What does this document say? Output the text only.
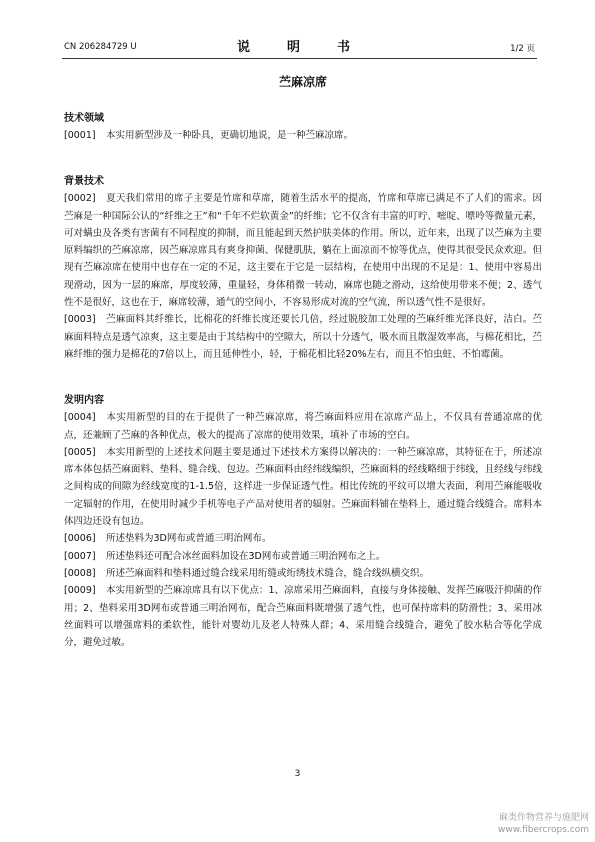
CN 206284729 U	说　明　书	1/2 页
苎麻凉席
技术领域

[0001] 本实用新型涉及一种卧具，更确切地说，是一种苎麻凉席。

背景技术

[0002] 夏天我们常用的席子主要是竹席和草席，随着生活水平的提高，竹席和草席已满足不了人们的需求。因苎麻是一种国际公认的“纤维之王”和“千年不烂软黄金”的纤维；它不仅含有丰富的叮咛、嘧啶、嘌呤等微量元素，可对螨虫及各类有害菌有不同程度的抑制，而且能起到天然护肤美体的作用。所以，近年来，出现了以苎麻为主要原料编织的苎麻凉席，因苎麻凉席具有爽身抑菌、保健肌肤，躺在上面凉而不惊等优点，使得其很受民众欢迎。但现有苎麻凉席在使用中也存在一定的不足，这主要在于它是一层结构，在使用中出现的不足是：1、使用中容易出现滑动，因为一层的麻席，厚度较薄，重量轻，身体稍微一转动，麻席也随之滑动，这给使用带来不便；2、透气性不是很好，这也在于，麻席较薄，通气的空间小，不容易形成对流的空气流，所以透气性不是很好。

[0003] 苎麻面料其纤维长，比棉花的纤维长度还要长几倍，经过脱胶加工处理的苎麻纤维光泽良好，洁白。苎麻面料特点是透气凉爽，这主要是由于其结构中的空隙大，所以十分透气，吸水而且散湿效率高，与棉花相比，苎麻纤维的强力是棉花的7倍以上，而且延伸性小，轻，于棉花相比轻20%左右，而且不怕虫蛀、不怕霉菌。

发明内容

[0004] 本实用新型的目的在于提供了一种苎麻凉席，将苎麻面料应用在凉席产品上，不仅具有普通凉席的优点，还兼顾了苎麻的各种优点，极大的提高了凉席的使用效果，填补了市场的空白。

[0005] 本实用新型的上述技术问题主要是通过下述技术方案得以解决的：一种苎麻凉席，其特征在于，所述凉席本体包括苎麻面料、垫料、缝合线、包边。苎麻面料由经纬线编织，苎麻面料的经线略细于纬线，且经线与纬线之间构成的间隙为经线宽度的1-1.5倍，这样进一步保证透气性。相比传统的平纹可以增大表面，利用苎麻能吸收一定辐射的作用，在使用时减少手机等电子产品对使用者的辐射。苎麻面料铺在垫料上，通过缝合线缝合。席料本体四边还设有包边。

[0006] 所述垫料为3D网布或普通三明治网布。

[0007] 所述垫料还可配合冰丝面料加设在3D网布或普通三明治网布之上。

[0008] 所述苎麻面料和垫料通过缝合线采用绗缝或绗绣技术缝合，缝合线纵横交织。

[0009] 本实用新型的苎麻凉席具有以下优点：1、凉席采用苎麻面料，直接与身体接触、发挥苎麻吸汗抑菌的作用；2、垫料采用3D网布或普通三明治网布，配合苎麻面料既增强了透气性，也可保持席料的防滑性；3、采用冰丝面料可以增强席料的柔软性，能针对婴幼儿及老人特殊人群；4、采用缝合线缝合，避免了胶水粘合等化学成分，避免过敏。

3
麻类作物营养与施肥网
www.fibercrops.com
